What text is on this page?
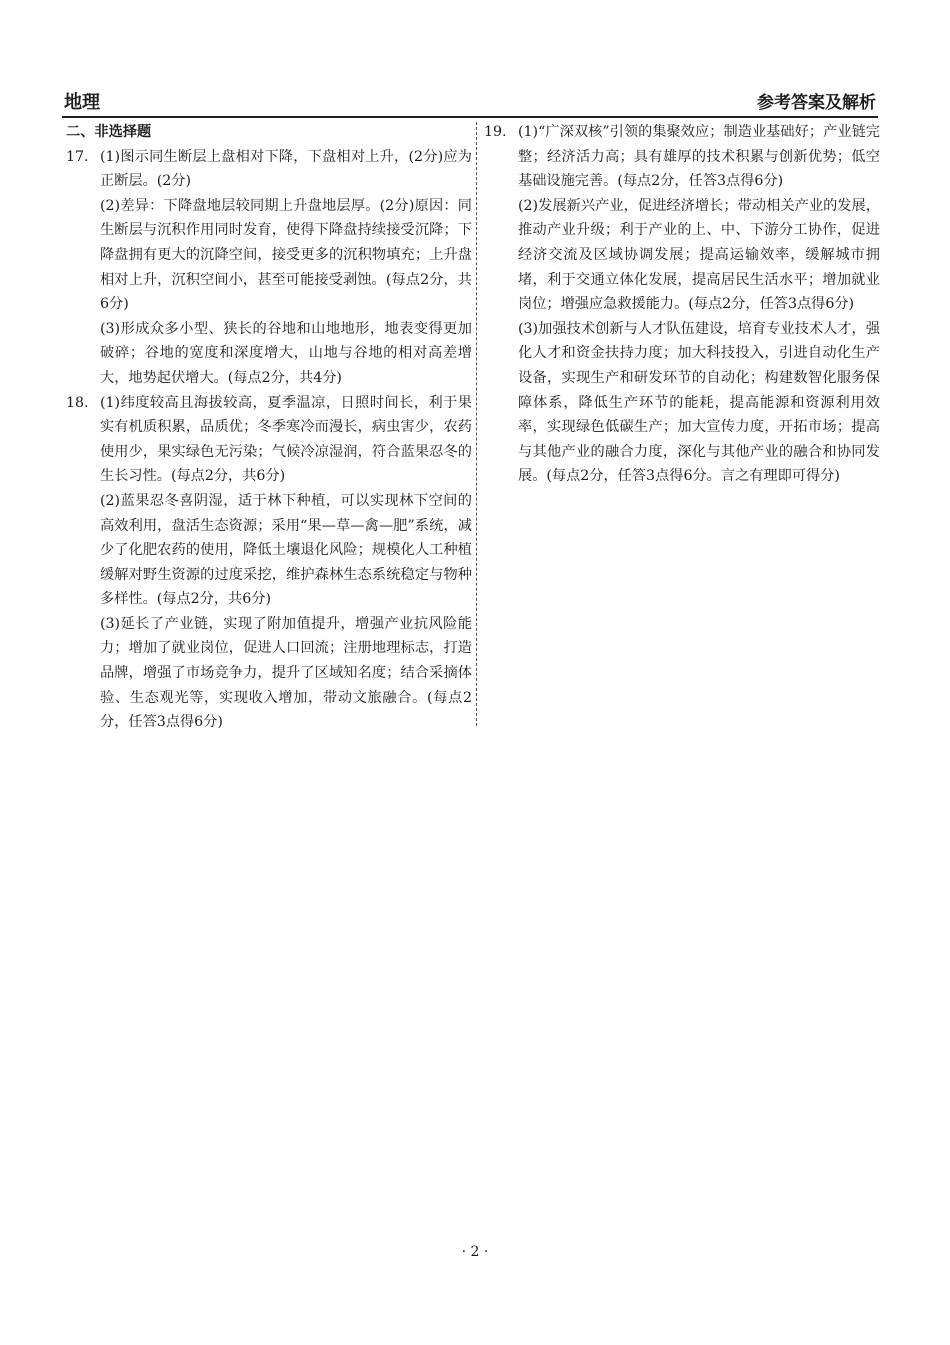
地理	参考答案及解析
二、非选择题
17. (1)图示同生断层上盘相对下降，下盘相对上升，(2分)应为正断层。(2分)
(2)差异：下降盘地层较同期上升盘地层厚。(2分)原因：同生断层与沉积作用同时发育，使得下降盘持续接受沉降；下降盘拥有更大的沉降空间，接受更多的沉积物填充；上升盘相对上升，沉积空间小，甚至可能接受剥蚀。(每点2分，共6分)
(3)形成众多小型、狭长的谷地和山地地形，地表变得更加破碎；谷地的宽度和深度增大，山地与谷地的相对高差增大，地势起伏增大。(每点2分，共4分)
18. (1)纬度较高且海拔较高，夏季温凉，日照时间长，利于果实有机质积累，品质优；冬季寒冷而漫长，病虫害少，农药使用少，果实绿色无污染；气候冷凉湿润，符合蓝果忍冬的生长习性。(每点2分，共6分)
(2)蓝果忍冬喜阴湿，适于林下种植，可以实现林下空间的高效利用，盘活生态资源；采用“果—草—禽—肥”系统，减少了化肥农药的使用，降低土壤退化风险；规模化人工种植缓解对野生资源的过度采挖，维护森林生态系统稳定与物种多样性。(每点2分，共6分)
(3)延长了产业链，实现了附加值提升，增强产业抗风险能力；增加了就业岗位，促进人口回流；注册地理标志，打造品牌，增强了市场竞争力，提升了区域知名度；结合采摘体验、生态观光等，实现收入增加，带动文旅融合。(每点2分，任答3点得6分)
19. (1)“广深双核”引领的集聚效应；制造业基础好；产业链完整；经济活力高；具有雄厚的技术积累与创新优势；低空基础设施完善。(每点2分，任答3点得6分)
(2)发展新兴产业，促进经济增长；带动相关产业的发展，推动产业升级；利于产业的上、中、下游分工协作，促进经济交流及区域协调发展；提高运输效率，缓解城市拥堵，利于交通立体化发展，提高居民生活水平；增加就业岗位；增强应急救援能力。(每点2分，任答3点得6分)
(3)加强技术创新与人才队伍建设，培育专业技术人才，强化人才和资金扶持力度；加大科技投入，引进自动化生产设备，实现生产和研发环节的自动化；构建数智化服务保障体系，降低生产环节的能耗，提高能源和资源利用效率，实现绿色低碳生产；加大宣传力度，开拓市场；提高与其他产业的融合力度，深化与其他产业的融合和协同发展。(每点2分，任答3点得6分。言之有理即可得分)
· 2 ·
